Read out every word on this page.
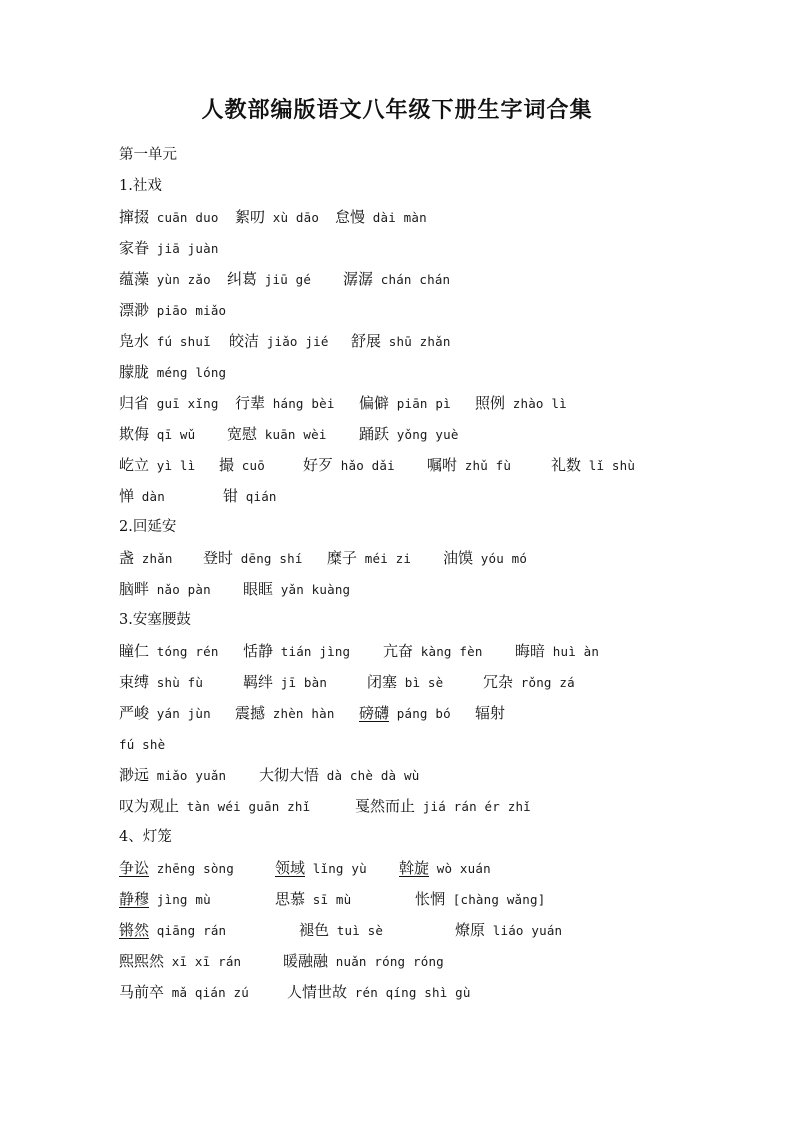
人教部编版语文八年级下册生字词合集
第一单元
1.社戏
撺掇 cuān duo 絮叨 xù dāo 怠慢 dài màn
家眷 jiā juàn
蕴藻 yùn zǎo 纠葛 jiū gé 潺潺 chán chán
漂渺 piāo miǎo
凫水 fú shuǐ 皎洁 jiǎo jié 舒展 shū zhǎn
朦胧 méng lóng
归省 guī xǐng 行辈 háng bèi 偏僻 piān pì 照例 zhào lì
欺侮 qī wǔ 宽慰 kuān wèi 踊跃 yǒng yuè
屹立 yì lì 撮 cuō	好歹 hǎo dǎi 嘱咐 zhǔ fù	礼数 lǐ shù
惮 dàn	钳 qián
2.回延安
盏 zhǎn 登时 dēng shí 糜子 méi zi 油馍 yóu mó
脑畔 nǎo pàn 眼眶 yǎn kuàng
3.安塞腰鼓
瞳仁 tóng rén 恬静 tián jìng 亢奋 kàng fèn 晦暗 huì àn
束缚 shù fù	羁绊 jī bàn	闭塞 bì sè	冗杂 rǒng zá
严峻 yán jùn 震撼 zhèn hàn 磅礴 páng bó 辐射
fú shè
渺远 miǎo yuǎn 大彻大悟 dà chè dà wù
叹为观止 tàn wéi guān zhǐ	戛然而止 jiá rán ér zhǐ
4、灯笼
争讼 zhēng sòng	领域 lǐng yù 斡旋 wò xuán
静穆 jìng mù	思慕 sī mù	怅惘 [chàng wǎng]
锵然 qiāng rán	褪色 tuì sè	燎原 liáo yuán
熙熙然 xī xī rán	暖融融 nuǎn róng róng
马前卒 mǎ qián zú	人情世故 rén qíng shì gù
